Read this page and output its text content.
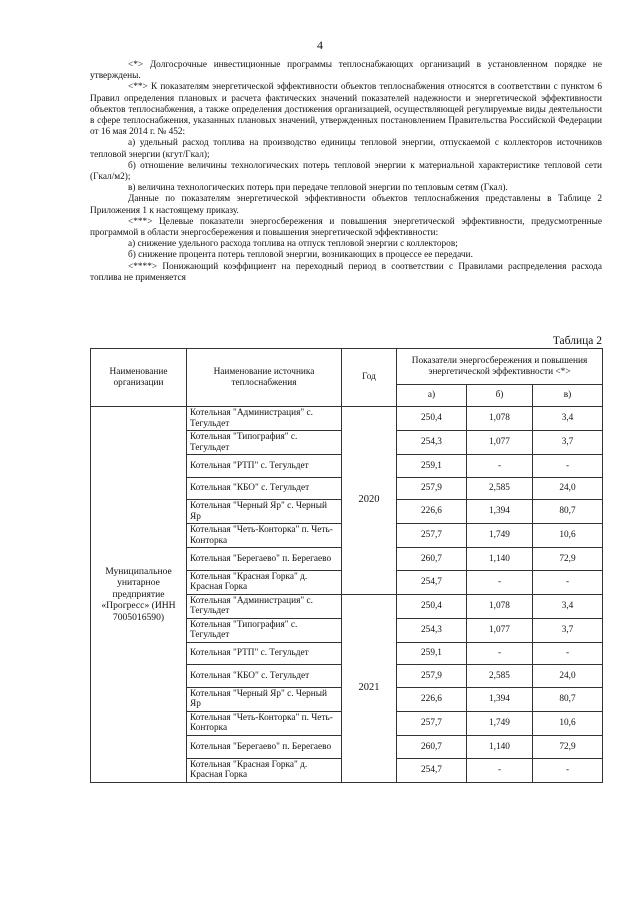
4

<*> Долгосрочные инвестиционные программы теплоснабжающих организаций в установленном порядке не утверждены.

<**> К показателям энергетической эффективности объектов теплоснабжения относятся в соответствии с пунктом 6 Правил определения плановых и расчета фактических значений показателей надежности и энергетической эффективности объектов теплоснабжения, а также определения достижения организацией, осуществляющей регулируемые виды деятельности в сфере теплоснабжения, указанных плановых значений, утвержденных постановлением Правительства Российской Федерации от 16 мая 2014 г. № 452:

а) удельный расход топлива на производство единицы тепловой энергии, отпускаемой с коллекторов источников тепловой энергии (кгут/Гкал);

б) отношение величины технологических потерь тепловой энергии к материальной характеристике тепловой сети (Гкал/м2);

в) величина технологических потерь при передаче тепловой энергии по тепловым сетям (Гкал).

Данные по показателям энергетической эффективности объектов теплоснабжения представлены в Таблице 2 Приложения 1 к настоящему приказу.

<***> Целевые показатели энергосбережения и повышения энергетической эффективности, предусмотренные программой в области энергосбережения и повышения энергетической эффективности:

а) снижение удельного расхода топлива на отпуск тепловой энергии с коллекторов;

б) снижение процента потерь тепловой энергии, возникающих в процессе ее передачи.

<****> Понижающий коэффициент на переходный период в соответствии с Правилами распределения расхода топлива не применяется

Таблица 2
Наименование организации	Наименование источника теплоснабжения	Год	Показатели энергосбережения и повышения энергетической эффективности <*>		
			а)	б)	в)
Муниципальное унитарное предприятие «Прогресс» (ИНН 7005016590)	Котельная "Администрация" с. Тегульдет	2020	250,4	1,078	3,4
	Котельная "Типография" с. Тегульдет		254,3	1,077	3,7
	Котельная "РТП" с. Тегульдет		259,1	-	-
	Котельная "КБО" с. Тегульдет		257,9	2,585	24,0
	Котельная "Черный Яр" с. Черный Яр		226,6	1,394	80,7
	Котельная "Четь-Конторка" п. Четь-Конторка		257,7	1,749	10,6
	Котельная "Берегаево" п. Берегаево		260,7	1,140	72,9
	Котельная "Красная Горка" д. Красная Горка		254,7	-	-
	Котельная "Администрация" с. Тегульдет	2021	250,4	1,078	3,4
	Котельная "Типография" с. Тегульдет		254,3	1,077	3,7
	Котельная "РТП" с. Тегульдет		259,1	-	-
	Котельная "КБО" с. Тегульдет		257,9	2,585	24,0
	Котельная "Черный Яр" с. Черный Яр		226,6	1,394	80,7
	Котельная "Четь-Конторка" п. Четь-Конторка		257,7	1,749	10,6
	Котельная "Берегаево" п. Берегаево		260,7	1,140	72,9
	Котельная "Красная Горка" д. Красная Горка		254,7	-	-
